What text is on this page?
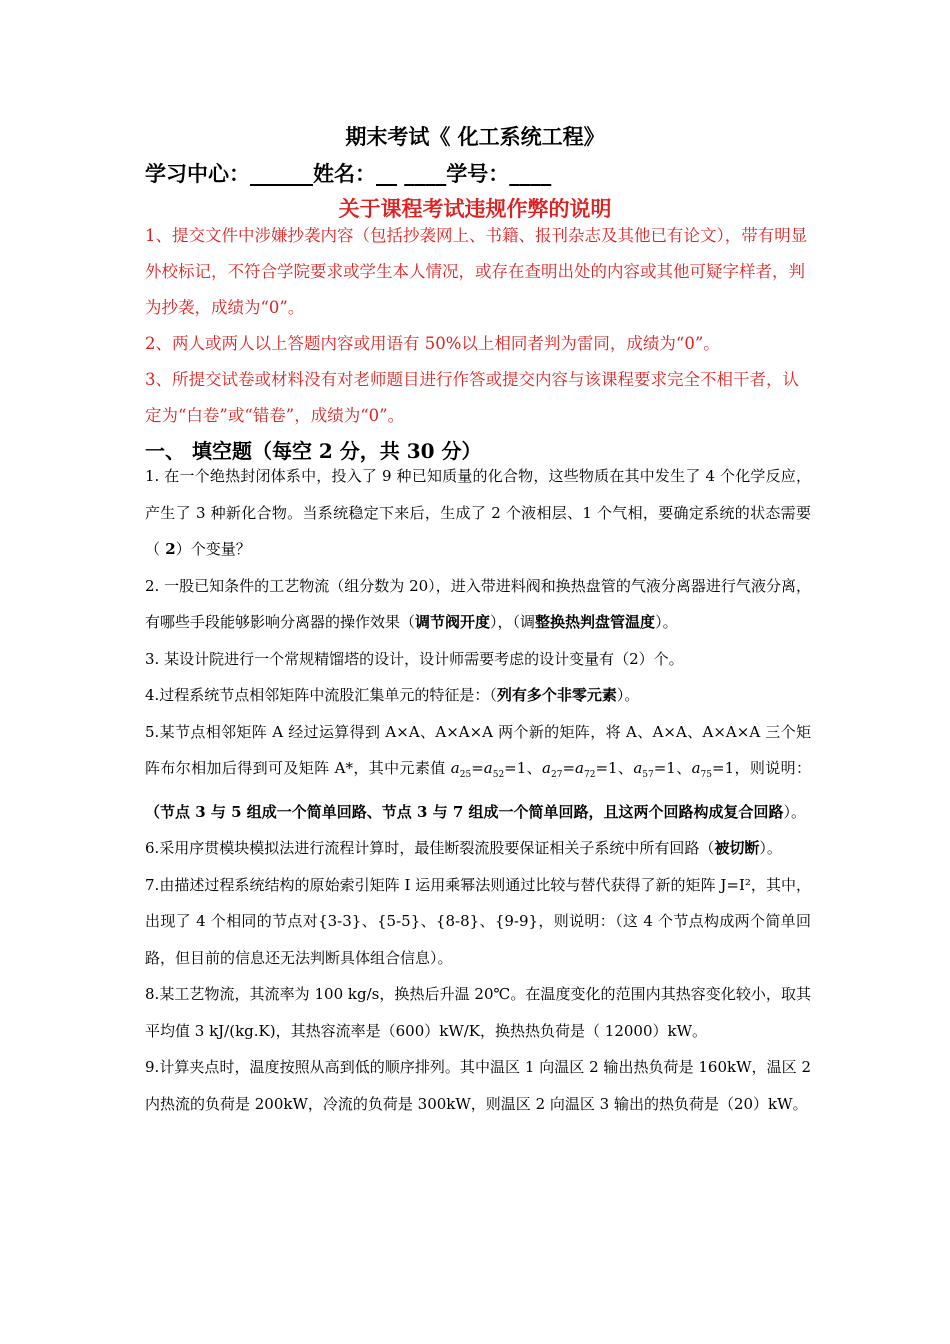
期末考试《 化工系统工程》
学习中心：______姓名：__ ____学号：____
关于课程考试违规作弊的说明

1、提交文件中涉嫌抄袭内容（包括抄袭网上、书籍、报刊杂志及其他已有论文），带有明显外校标记，不符合学院要求或学生本人情况，或存在查明出处的内容或其他可疑字样者，判为抄袭，成绩为“0”。

2、两人或两人以上答题内容或用语有 50%以上相同者判为雷同，成绩为“0”。

3、所提交试卷或材料没有对老师题目进行作答或提交内容与该课程要求完全不相干者，认定为“白卷”或“错卷”，成绩为“0”。

一、 填空题（每空 2 分，共 30 分）

1. 在一个绝热封闭体系中，投入了 9 种已知质量的化合物，这些物质在其中发生了 4 个化学反应，产生了 3 种新化合物。当系统稳定下来后，生成了 2 个液相层、1 个气相，要确定系统的状态需要（ 2）个变量？

2. 一股已知条件的工艺物流（组分数为 20），进入带进料阀和换热盘管的气液分离器进行气液分离，有哪些手段能够影响分离器的操作效果（调节阀开度），（调整换热判盘管温度）。

3. 某设计院进行一个常规精馏塔的设计，设计师需要考虑的设计变量有（2）个。

4.过程系统节点相邻矩阵中流股汇集单元的特征是：（列有多个非零元素）。

5.某节点相邻矩阵 A 经过运算得到 A×A、A×A×A 两个新的矩阵，将 A、A×A、A×A×A 三个矩阵布尔相加后得到可及矩阵 A*，其中元素值 $a_{25}=a_{52}=1$、$a_{27}=a_{72}=1$、$a_{57}=1$、$a_{75}=1$，则说明：（节点 3 与 5 组成一个简单回路、节点 3 与 7 组成一个简单回路，且这两个回路构成复合回路）。

6.采用序贯模块模拟法进行流程计算时，最佳断裂流股要保证相关子系统中所有回路（被切断）。

7.由描述过程系统结构的原始索引矩阵 I 运用乘幂法则通过比较与替代获得了新的矩阵 J=I²，其中，出现了 4 个相同的节点对{3-3}、{5-5}、{8-8}、{9-9}，则说明：（这 4 个节点构成两个简单回路，但目前的信息还无法判断具体组合信息）。

8.某工艺物流，其流率为 100 kg/s，换热后升温 20℃。在温度变化的范围内其热容变化较小，取其平均值 3 kJ/(kg.K)，其热容流率是（600）kW/K，换热热负荷是（ 12000）kW。

9.计算夹点时，温度按照从高到低的顺序排列。其中温区 1 向温区 2 输出热负荷是 160kW，温区 2 内热流的负荷是 200kW，冷流的负荷是 300kW，则温区 2 向温区 3 输出的热负荷是（20）kW。
